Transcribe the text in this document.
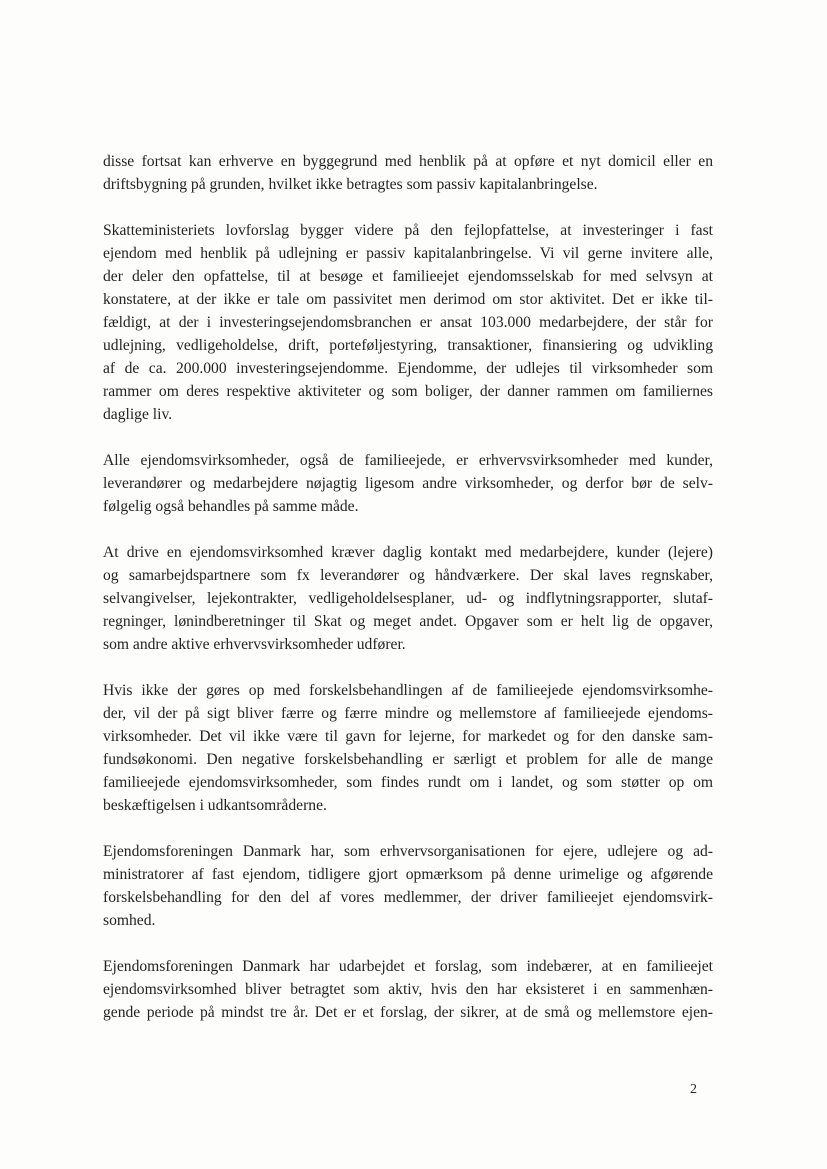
disse fortsat kan erhverve en byggegrund med henblik på at opføre et nyt domicil eller en
driftsbygning på grunden, hvilket ikke betragtes som passiv kapitalanbringelse.

Skatteministeriets lovforslag bygger videre på den fejlopfattelse, at investeringer i fast
ejendom med henblik på udlejning er passiv kapitalanbringelse. Vi vil gerne invitere alle,
der deler den opfattelse, til at besøge et familieejet ejendomsselskab for med selvsyn at
konstatere, at der ikke er tale om passivitet men derimod om stor aktivitet. Det er ikke til-
fældigt, at der i investeringsejendomsbranchen er ansat 103.000 medarbejdere, der står for
udlejning, vedligeholdelse, drift, porteføljestyring, transaktioner, finansiering og udvikling
af de ca. 200.000 investeringsejendomme. Ejendomme, der udlejes til virksomheder som
rammer om deres respektive aktiviteter og som boliger, der danner rammen om familiernes
daglige liv.

Alle ejendomsvirksomheder, også de familieejede, er erhvervsvirksomheder med kunder,
leverandører og medarbejdere nøjagtig ligesom andre virksomheder, og derfor bør de selv-
følgelig også behandles på samme måde.

At drive en ejendomsvirksomhed kræver daglig kontakt med medarbejdere, kunder (lejere)
og samarbejdspartnere som fx leverandører og håndværkere. Der skal laves regnskaber,
selvangivelser, lejekontrakter, vedligeholdelsesplaner, ud- og indflytningsrapporter, slutaf-
regninger, lønindberetninger til Skat og meget andet. Opgaver som er helt lig de opgaver,
som andre aktive erhvervsvirksomheder udfører.

Hvis ikke der gøres op med forskelsbehandlingen af de familieejede ejendomsvirksomhe-
der, vil der på sigt bliver færre og færre mindre og mellemstore af familieejede ejendoms-
virksomheder. Det vil ikke være til gavn for lejerne, for markedet og for den danske sam-
fundsøkonomi. Den negative forskelsbehandling er særligt et problem for alle de mange
familieejede ejendomsvirksomheder, som findes rundt om i landet, og som støtter op om
beskæftigelsen i udkantsområderne.

Ejendomsforeningen Danmark har, som erhvervsorganisationen for ejere, udlejere og ad-
ministratorer af fast ejendom, tidligere gjort opmærksom på denne urimelige og afgørende
forskelsbehandling for den del af vores medlemmer, der driver familieejet ejendomsvirk-
somhed.

Ejendomsforeningen Danmark har udarbejdet et forslag, som indebærer, at en familieejet
ejendomsvirksomhed bliver betragtet som aktiv, hvis den har eksisteret i en sammenhæn-
gende periode på mindst tre år. Det er et forslag, der sikrer, at de små og mellemstore ejen-

2
